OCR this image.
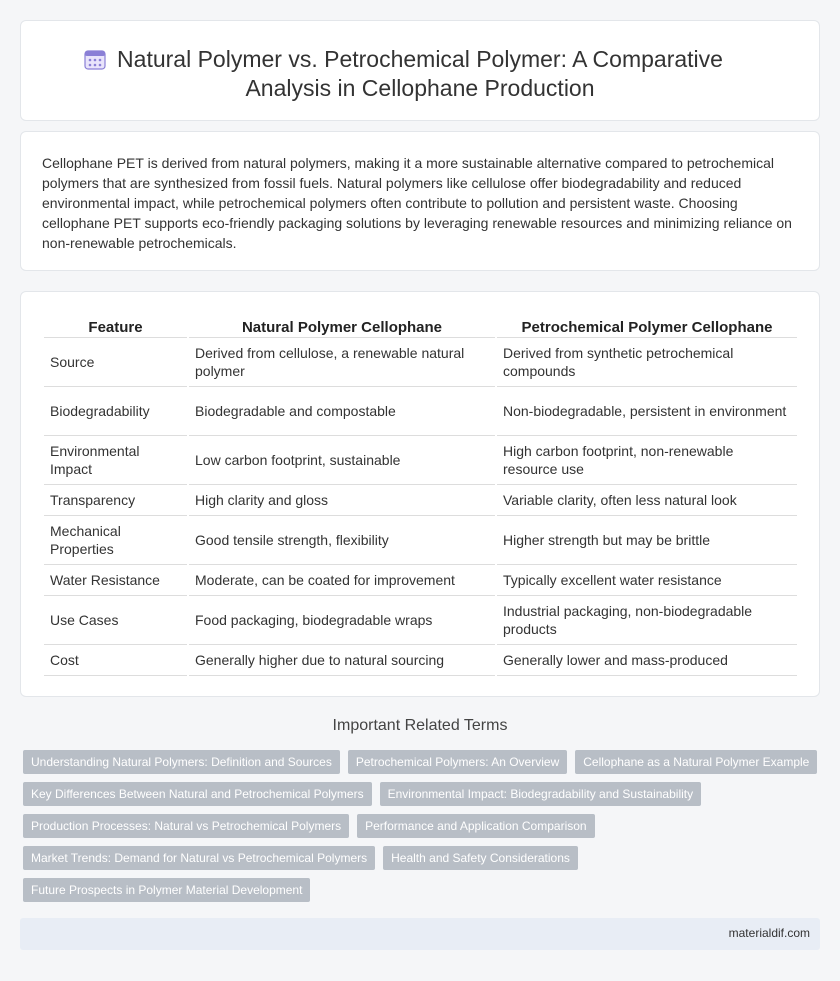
Natural Polymer vs. Petrochemical Polymer: A Comparative Analysis in Cellophane Production

Cellophane PET is derived from natural polymers, making it a more sustainable alternative compared to petrochemical polymers that are synthesized from fossil fuels. Natural polymers like cellulose offer biodegradability and reduced environmental impact, while petrochemical polymers often contribute to pollution and persistent waste. Choosing cellophane PET supports eco-friendly packaging solutions by leveraging renewable resources and minimizing reliance on non-renewable petrochemicals.

Feature	Natural Polymer Cellophane	Petrochemical Polymer Cellophane
Source	Derived from cellulose, a renewable natural polymer	Derived from synthetic petrochemical compounds
Biodegradability	Biodegradable and compostable	Non-biodegradable, persistent in environment
Environmental Impact	Low carbon footprint, sustainable	High carbon footprint, non-renewable resource use
Transparency	High clarity and gloss	Variable clarity, often less natural look
Mechanical Properties	Good tensile strength, flexibility	Higher strength but may be brittle
Water Resistance	Moderate, can be coated for improvement	Typically excellent water resistance
Use Cases	Food packaging, biodegradable wraps	Industrial packaging, non-biodegradable products
Cost	Generally higher due to natural sourcing	Generally lower and mass-produced
Important Related Terms
Understanding Natural Polymers: Definition and Sources	Petrochemical Polymers: An Overview	Cellophane as a Natural Polymer Example
Key Differences Between Natural and Petrochemical Polymers	Environmental Impact: Biodegradability and Sustainability
Production Processes: Natural vs Petrochemical Polymers	Performance and Application Comparison
Market Trends: Demand for Natural vs Petrochemical Polymers	Health and Safety Considerations
Future Prospects in Polymer Material Development
materialdif.com
